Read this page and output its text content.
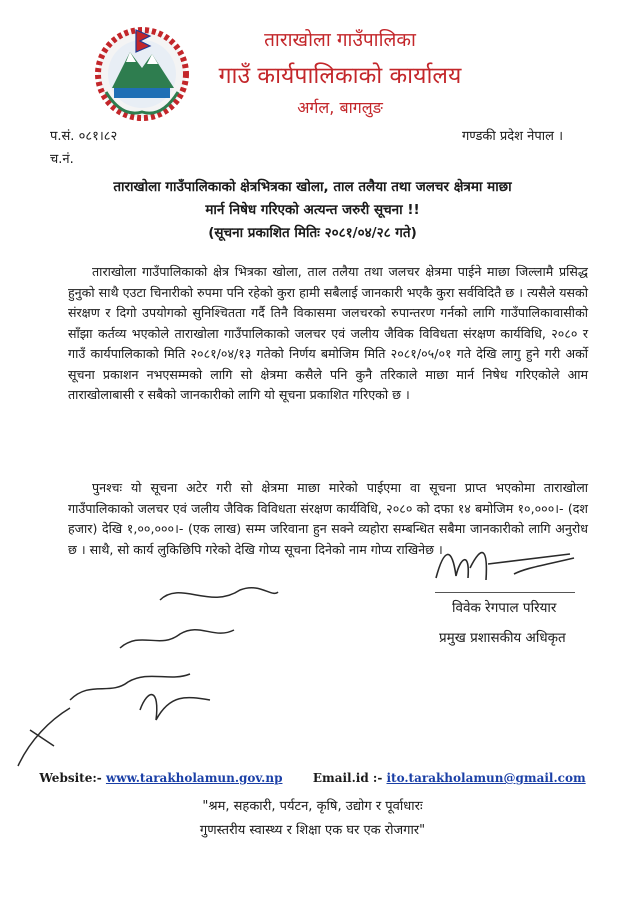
ताराखोला गाउँपालिका
गाउँ कार्यपालिकाको कार्यालय
अर्गल, बागलुङ
प.सं. ०८१।८२	गण्डकी प्रदेश नेपाल ।
च.नं.
ताराखोला गाउँपालिकाको क्षेत्रभित्रका खोला, ताल तलैया तथा जलचर क्षेत्रमा माछा
मार्न निषेध गरिएको अत्यन्त जरुरी सूचना !!
(सूचना प्रकाशित मितिः २०८१/०४/२८ गते)

ताराखोला गाउँपालिकाको क्षेत्र भित्रका खोला, ताल तलैया तथा जलचर क्षेत्रमा पाईने माछा जिल्लामै प्रसिद्ध हुनुको साथै एउटा चिनारीको रुपमा पनि रहेको कुरा हामी सबैलाई जानकारी भएकै कुरा सर्वविदितै छ । त्यसैले यसको संरक्षण र दिगो उपयोगको सुनिश्चितता गर्दै तिनै विकासमा जलचरको रुपान्तरण गर्नको लागि गाउँपालिकावासीको साँझा कर्तव्य भएकोले ताराखोला गाउँपालिकाको जलचर एवं जलीय जैविक विविधता संरक्षण कार्यविधि, २०८० र गाउँ कार्यपालिकाको मिति २०८१/०४/१३ गतेको निर्णय बमोजिम मिति २०८१/०५/०१ गते देखि लागु हुने गरी अर्को सूचना प्रकाशन नभएसम्मको लागि सो क्षेत्रमा कसैले पनि कुनै तरिकाले माछा मार्न निषेध गरिएकोले आम ताराखोलाबासी र सबैको जानकारीको लागि यो सूचना प्रकाशित गरिएको छ ।

पुनश्चः यो सूचना अटेर गरी सो क्षेत्रमा माछा मारेको पाईएमा वा सूचना प्राप्त भएकोमा ताराखोला गाउँपालिकाको जलचर एवं जलीय जैविक विविधता संरक्षण कार्यविधि, २०८० को दफा १४ बमोजिम १०,०००।- (दश हजार) देखि १,००,०००।- (एक लाख) सम्म जरिवाना हुन सक्ने व्यहोरा सम्बन्धित सबैमा जानकारीको लागि अनुरोध छ । साथै, सो कार्य लुकिछिपि गरेको देखि गोप्य सूचना दिनेको नाम गोप्य राखिनेछ ।

विवेक रेगपाल परियार
प्रमुख प्रशासकीय अधिकृत
Website:- www.tarakholamun.gov.np	Email.id :- ito.tarakholamun@gmail.com
"श्रम, सहकारी, पर्यटन, कृषि, उद्योग र पूर्वाधारः
गुणस्तरीय स्वास्थ्य र शिक्षा एक घर एक रोजगार"
